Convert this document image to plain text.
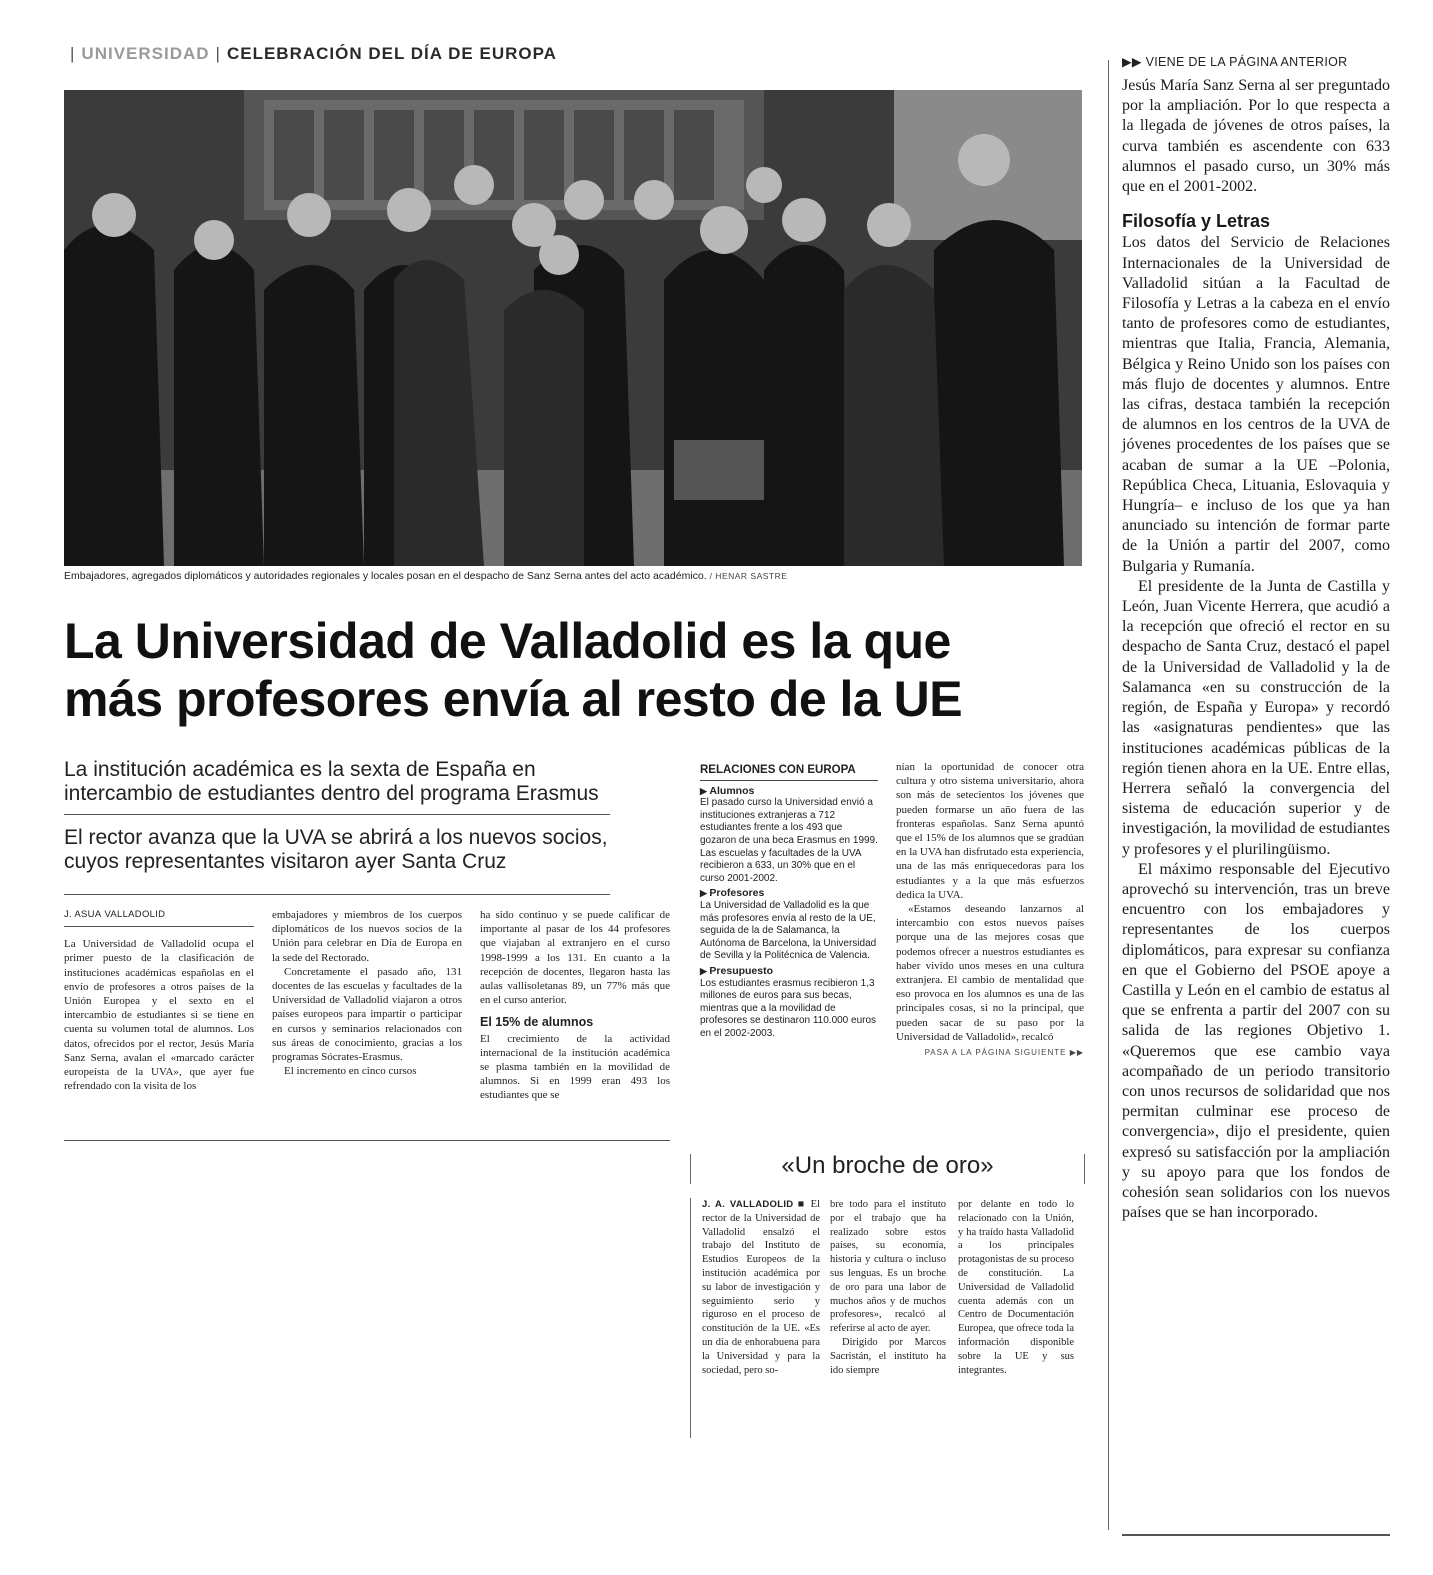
| UNIVERSIDAD | CELEBRACIÓN DEL DÍA DE EUROPA
Embajadores, agregados diplomáticos y autoridades regionales y locales posan en el despacho de Sanz Serna antes del acto académico. / HENAR SASTRE
La Universidad de Valladolid es la que
más profesores envía al resto de la UE
La institución académica es la sexta de España en intercambio de estudiantes dentro del programa Erasmus
El rector avanza que la UVA se abrirá a los nuevos socios, cuyos representantes visitaron ayer Santa Cruz
J. ASUA VALLADOLID

La Universidad de Valladolid ocupa el primer puesto de la clasificación de instituciones académicas españolas en el envío de profesores a otros países de la Unión Europea y el sexto en el intercambio de estudiantes si se tiene en cuenta su volumen total de alumnos. Los datos, ofrecidos por el rector, Jesús María Sanz Serna, avalan el «marcado carácter europeísta de la UVA», que ayer fue refrendado con la visita de los

embajadores y miembros de los cuerpos diplomáticos de los nuevos socios de la Unión para celebrar en Día de Europa en la sede del Rectorado.

Concretamente el pasado año, 131 docentes de las escuelas y facultades de la Universidad de Valladolid viajaron a otros países europeos para impartir o participar en cursos y seminarios relacionados con sus áreas de conocimiento, gracias a los programas Sócrates-Erasmus.

El incremento en cinco cursos

ha sido continuo y se puede calificar de importante al pasar de los 44 profesores que viajaban al extranjero en el curso 1998-1999 a los 131. En cuanto a la recepción de docentes, llegaron hasta las aulas vallisoletanas 89, un 77% más que en el curso anterior.

El 15% de alumnos

El crecimiento de la actividad internacional de la institución académica se plasma también en la movilidad de alumnos. Si en 1999 eran 493 los estudiantes que se

RELACIONES CON EUROPA
▶ Alumnos

El pasado curso la Universidad envió a instituciones extranjeras a 712 estudiantes frente a los 493 que gozaron de una beca Erasmus en 1999. Las escuelas y facultades de la UVA recibieron a 633, un 30% que en el curso 2001-2002.

▶ Profesores

La Universidad de Valladolid es la que más profesores envía al resto de la UE, seguida de la de Salamanca, la Autónoma de Barcelona, la Universidad de Sevilla y la Politécnica de Valencia.

▶ Presupuesto

Los estudiantes erasmus recibieron 1,3 millones de euros para sus becas, mientras que a la movilidad de profesores se destinaron 110.000 euros en el 2002-2003.

nían la oportunidad de conocer otra cultura y otro sistema universitario, ahora son más de setecientos los jóvenes que pueden formarse un año fuera de las fronteras españolas. Sanz Serna apuntó que el 15% de los alumnos que se gradúan en la UVA han disfrutado esta experiencia, una de las más enriquecedoras para los estudiantes y a la que más esfuerzos dedica la UVA.

«Estamos deseando lanzarnos al intercambio con estos nuevos países porque una de las mejores cosas que podemos ofrecer a nuestros estudiantes es haber vivido unos meses en una cultura extranjera. El cambio de mentalidad que eso provoca en los alumnos es una de las principales cosas, si no la principal, que pueden sacar de su paso por la Universidad de Valladolid», recalcó

PASA A LA PÁGINA SIGUIENTE ▶▶
«Un broche de oro»

J. A. VALLADOLID ■ El rector de la Universidad de Valladolid ensalzó el trabajo del Instituto de Estudios Europeos de la institución académica por su labor de investigación y seguimiento serio y riguroso en el proceso de constitución de la UE. «Es un día de enhorabuena para la Universidad y para la sociedad, pero so-

bre todo para el instituto por el trabajo que ha realizado sobre estos países, su economía, historia y cultura o incluso sus lenguas. Es un broche de oro para una labor de muchos años y de muchos profesores», recalcó al referirse al acto de ayer.

Dirigido por Marcos Sacristán, el instituto ha ido siempre

por delante en todo lo relacionado con la Unión, y ha traído hasta Valladolid a los principales protagonistas de su proceso de constitución. La Universidad de Valladolid cuenta además con un Centro de Documentación Europea, que ofrece toda la información disponible sobre la UE y sus integrantes.

▶▶ VIENE DE LA PÁGINA ANTERIOR

Jesús María Sanz Serna al ser preguntado por la ampliación. Por lo que respecta a la llegada de jóvenes de otros países, la curva también es ascendente con 633 alumnos el pasado curso, un 30% más que en el 2001-2002.

Filosofía y Letras

Los datos del Servicio de Relaciones Internacionales de la Universidad de Valladolid sitúan a la Facultad de Filosofía y Letras a la cabeza en el envío tanto de profesores como de estudiantes, mientras que Italia, Francia, Alemania, Bélgica y Reino Unido son los países con más flujo de docentes y alumnos. Entre las cifras, destaca también la recepción de alumnos en los centros de la UVA de jóvenes procedentes de los países que se acaban de sumar a la UE –Polonia, República Checa, Lituania, Eslovaquia y Hungría– e incluso de los que ya han anunciado su intención de formar parte de la Unión a partir del 2007, como Bulgaria y Rumanía.

El presidente de la Junta de Castilla y León, Juan Vicente Herrera, que acudió a la recepción que ofreció el rector en su despacho de Santa Cruz, destacó el papel de la Universidad de Valladolid y la de Salamanca «en su construcción de la región, de España y Europa» y recordó las «asignaturas pendientes» que las instituciones académicas públicas de la región tienen ahora en la UE. Entre ellas, Herrera señaló la convergencia del sistema de educación superior y de investigación, la movilidad de estudiantes y profesores y el plurilingüismo.

El máximo responsable del Ejecutivo aprovechó su intervención, tras un breve encuentro con los embajadores y representantes de los cuerpos diplomáticos, para expresar su confianza en que el Gobierno del PSOE apoye a Castilla y León en el cambio de estatus al que se enfrenta a partir del 2007 con su salida de las regiones Objetivo 1. «Queremos que ese cambio vaya acompañado de un periodo transitorio con unos recursos de solidaridad que nos permitan culminar ese proceso de convergencia», dijo el presidente, quien expresó su satisfacción por la ampliación y su apoyo para que los fondos de cohesión sean solidarios con los nuevos países que se han incorporado.
